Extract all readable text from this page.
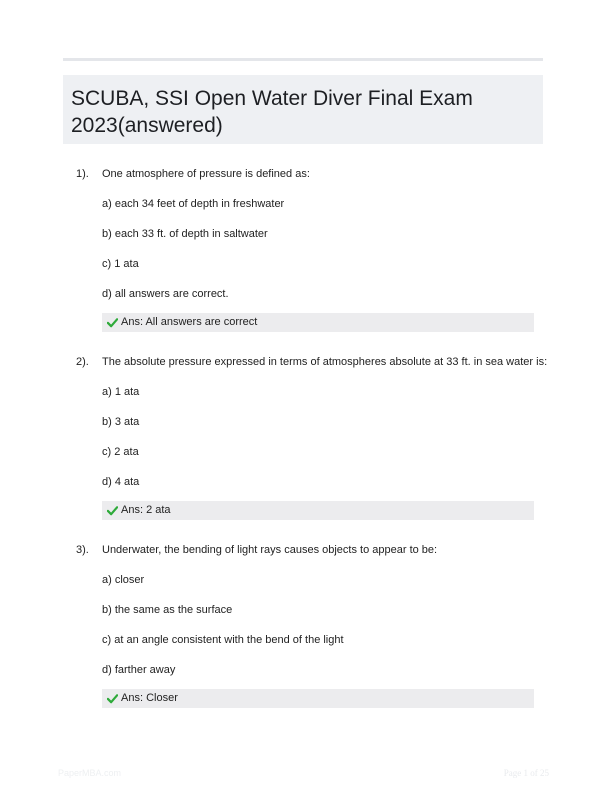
SCUBA, SSI Open Water Diver Final Exam 2023(answered)
1). One atmosphere of pressure is defined as:
a) each 34 feet of depth in freshwater
b) each 33 ft. of depth in saltwater
c) 1 ata
d) all answers are correct.
Ans: All answers are correct
2). The absolute pressure expressed in terms of atmospheres absolute at 33 ft. in sea water is:
a) 1 ata
b) 3 ata
c) 2 ata
d) 4 ata
Ans: 2 ata
3). Underwater, the bending of light rays causes objects to appear to be:
a) closer
b) the same as the surface
c) at an angle consistent with the bend of the light
d) farther away
Ans: Closer
PaperMBA.com	Page 1 of 25
